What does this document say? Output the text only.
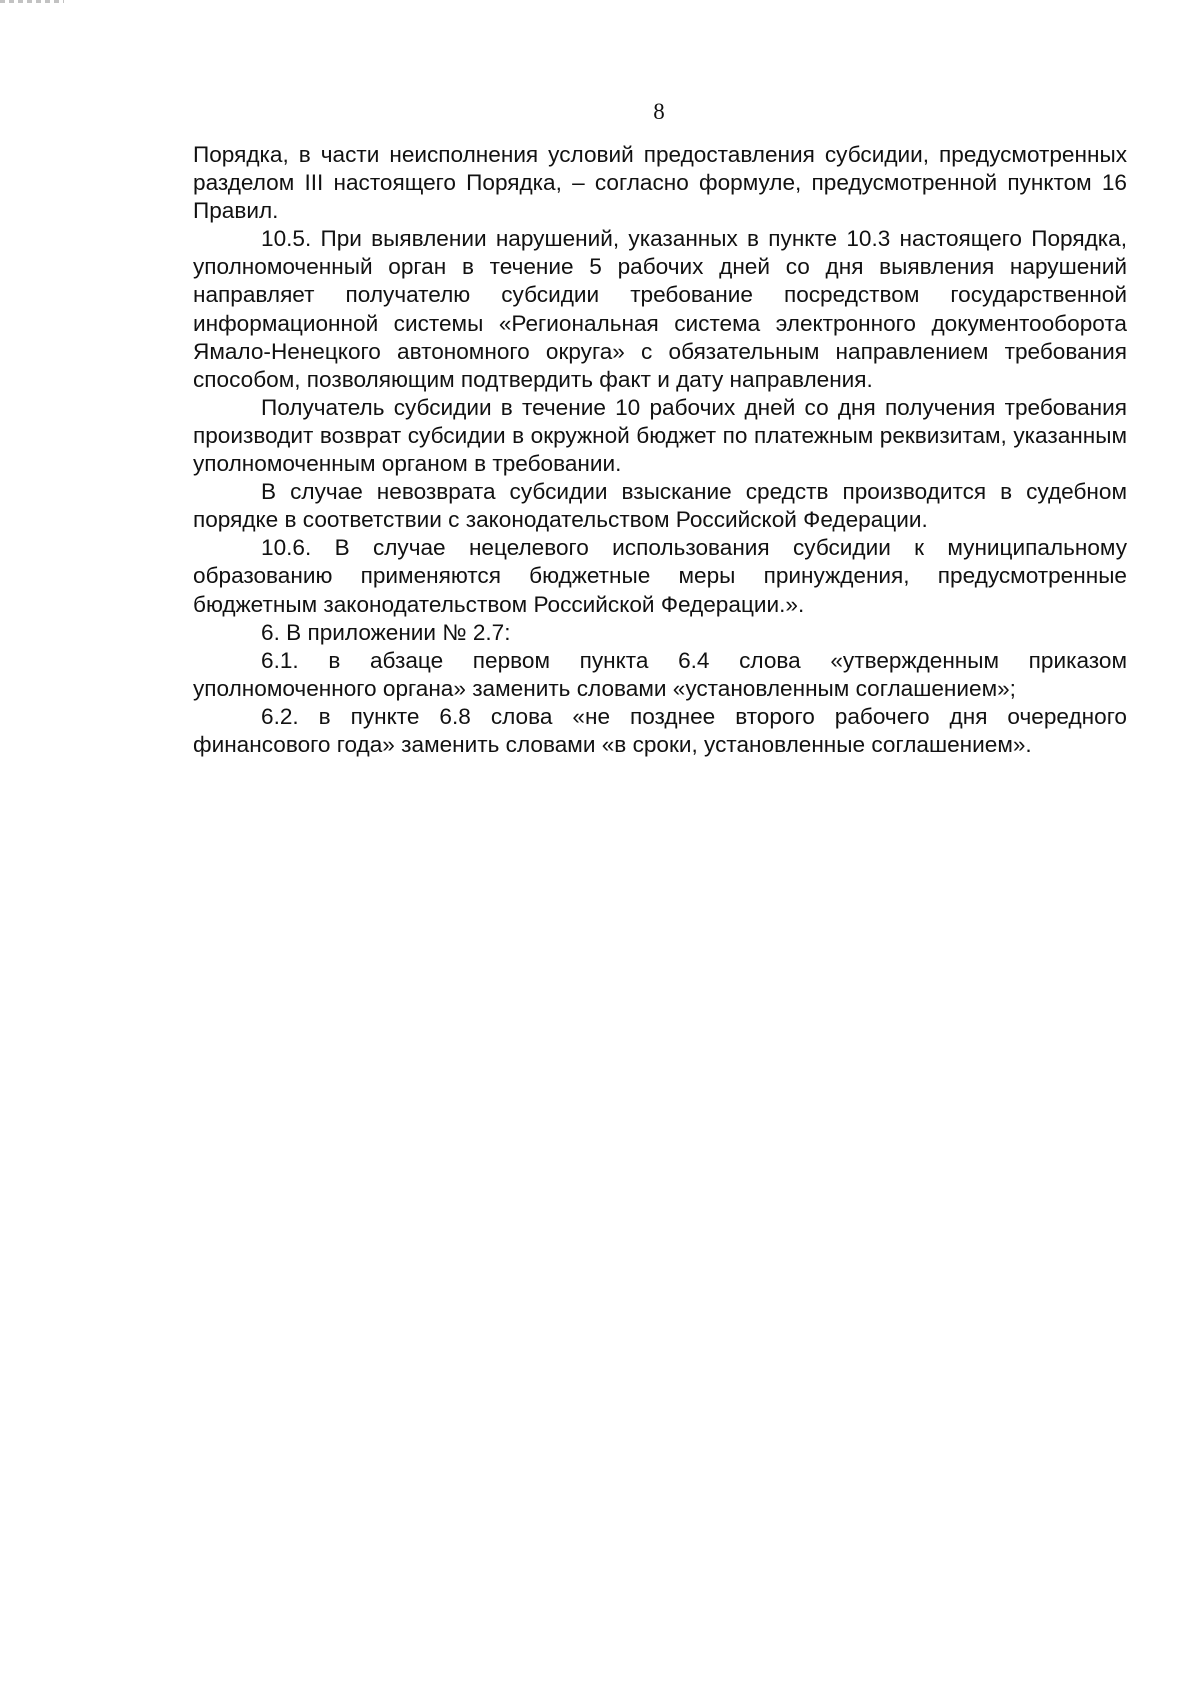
8

Порядка, в части неисполнения условий предоставления субсидии, предусмотренных разделом III настоящего Порядка, – согласно формуле, предусмотренной пунктом 16 Правил.

10.5. При выявлении нарушений, указанных в пункте 10.3 настоящего Порядка, уполномоченный орган в течение 5 рабочих дней со дня выявления нарушений направляет получателю субсидии требование посредством государственной информационной системы «Региональная система электронного документооборота Ямало-Ненецкого автономного округа» с обязательным направлением требования способом, позволяющим подтвердить факт и дату направления.

Получатель субсидии в течение 10 рабочих дней со дня получения требования производит возврат субсидии в окружной бюджет по платежным реквизитам, указанным уполномоченным органом в требовании.

В случае невозврата субсидии взыскание средств производится в судебном порядке в соответствии с законодательством Российской Федерации.

10.6. В случае нецелевого использования субсидии к муниципальному образованию применяются бюджетные меры принуждения, предусмотренные бюджетным законодательством Российской Федерации.».

6. В приложении № 2.7:

6.1. в абзаце первом пункта 6.4 слова «утвержденным приказом уполномоченного органа» заменить словами «установленным соглашением»;

6.2. в пункте 6.8 слова «не позднее второго рабочего дня очередного финансового года» заменить словами «в сроки, установленные соглашением».
